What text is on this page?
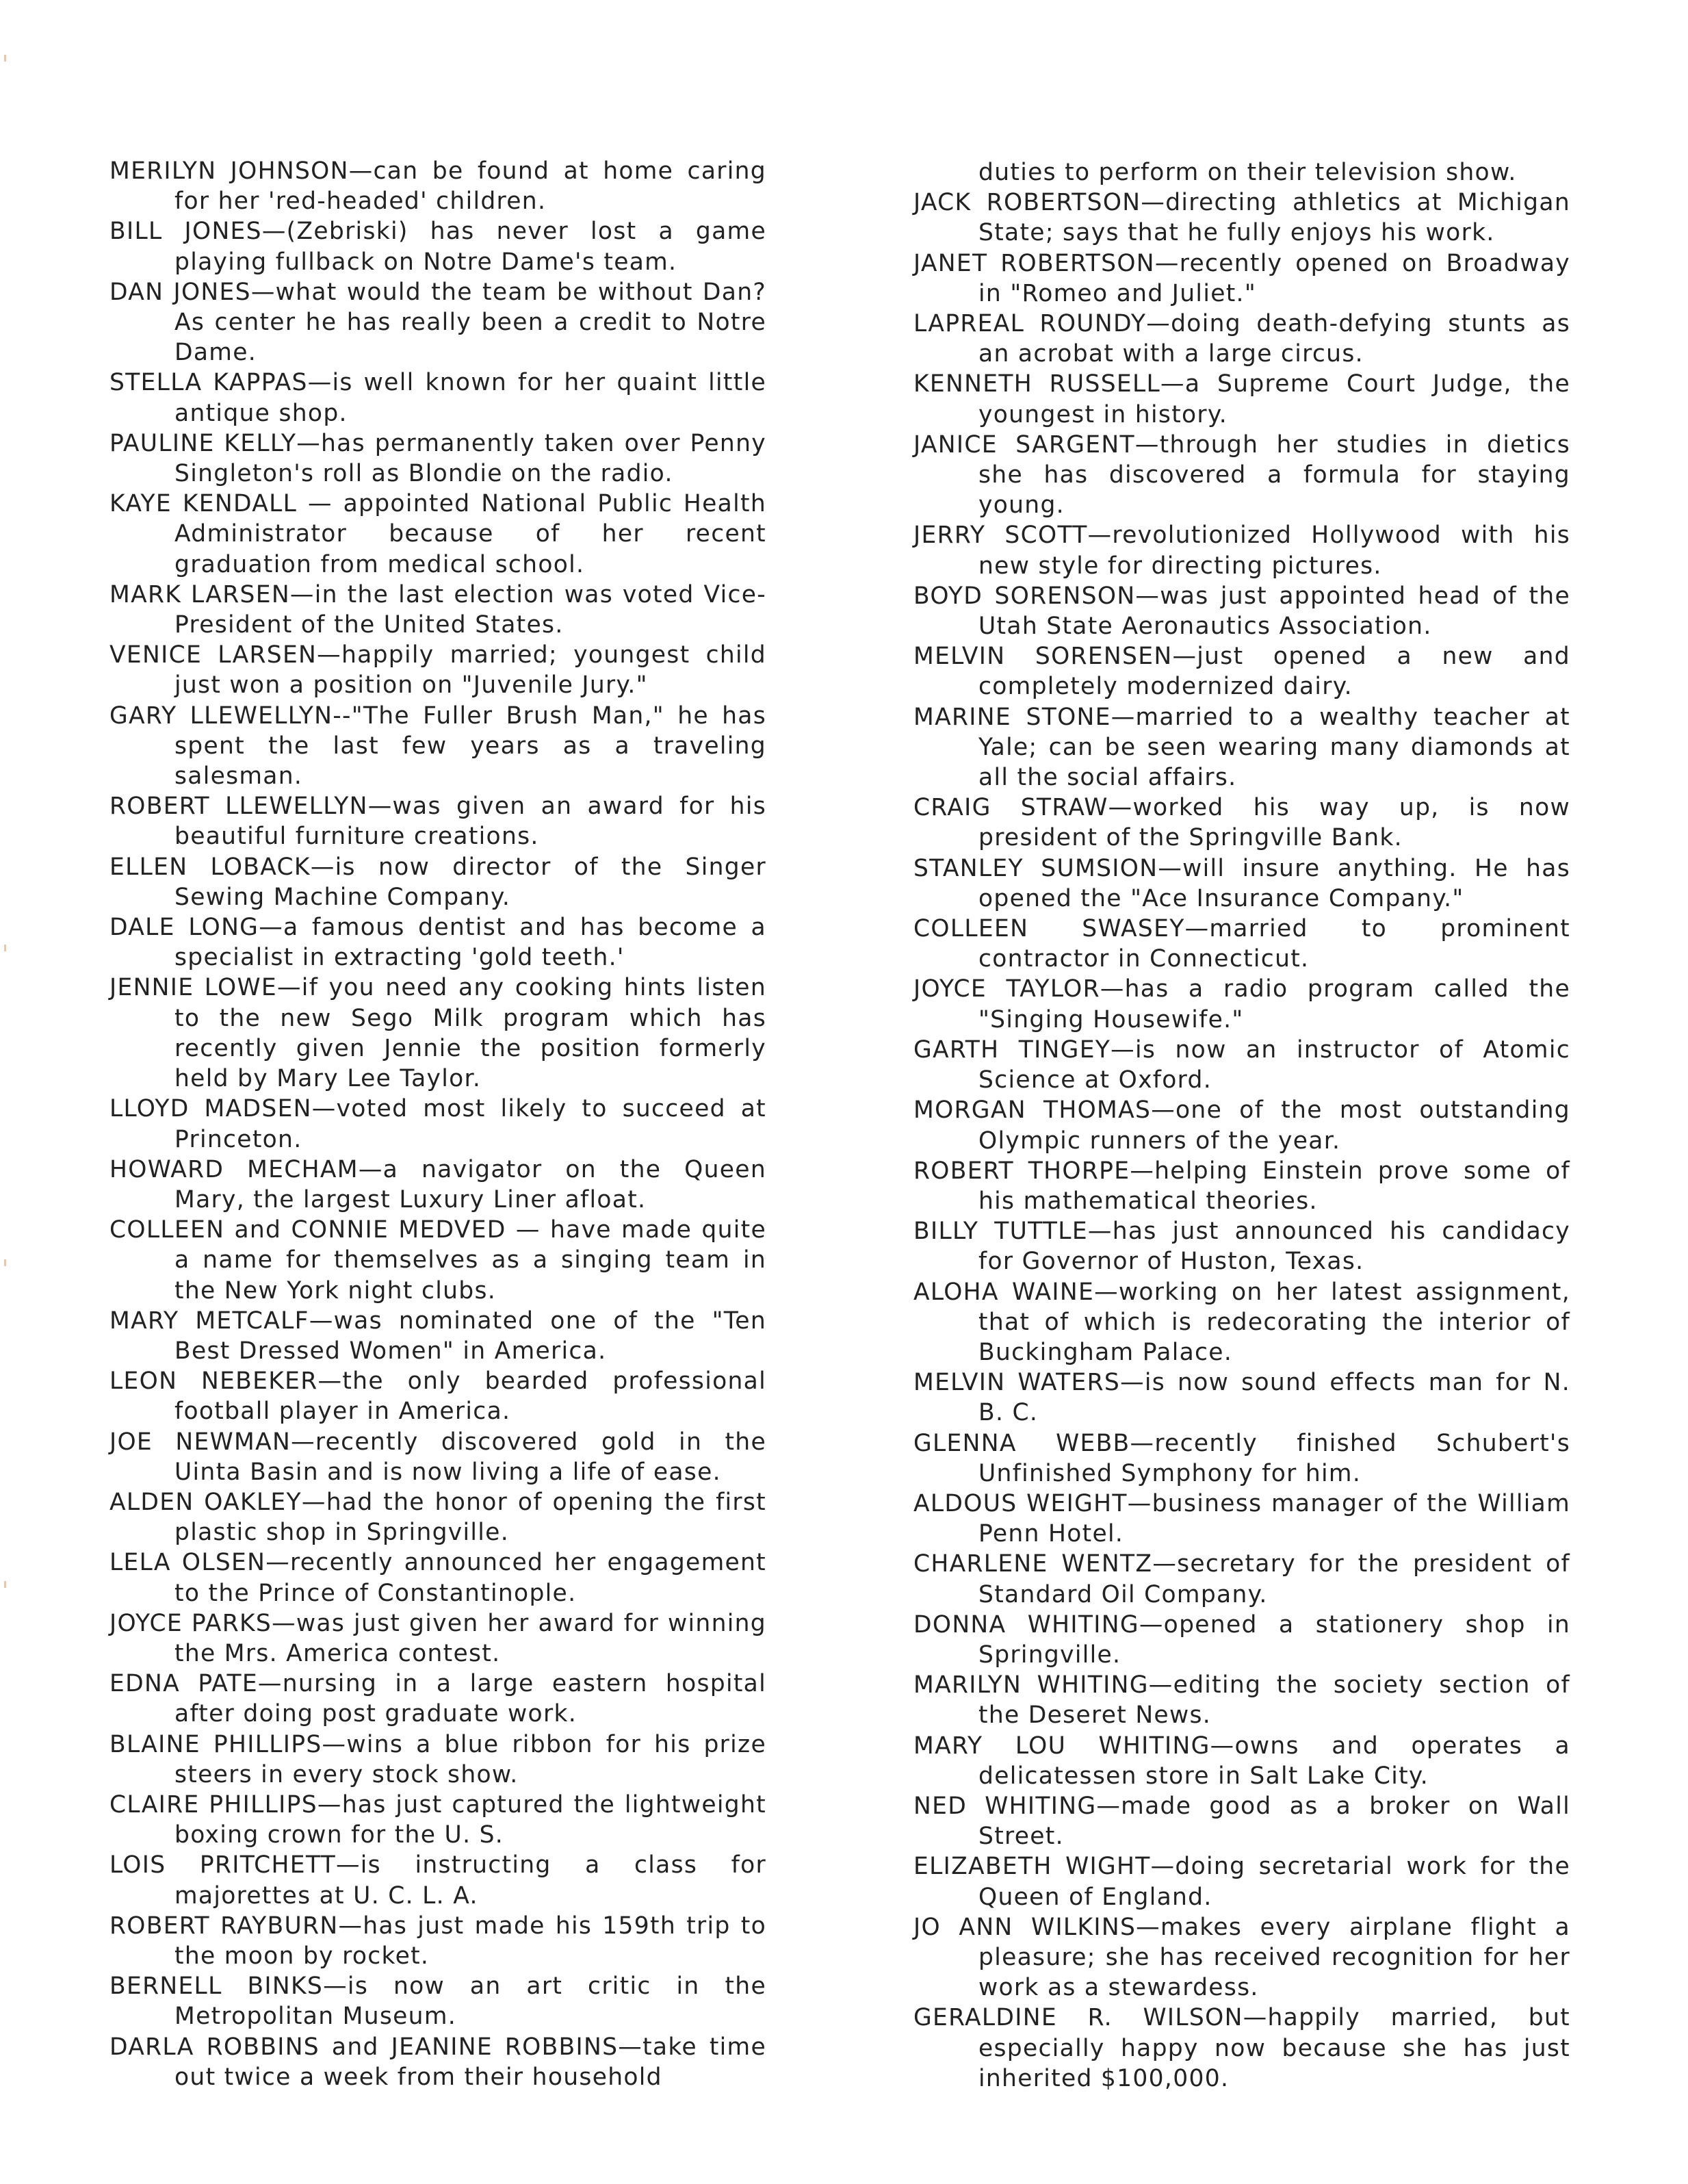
MERILYN JOHNSON—can be found at home caring for her 'red-headed' children.

BILL JONES—(Zebriski) has never lost a game playing fullback on Notre Dame's team.

DAN JONES—what would the team be without Dan? As center he has really been a credit to Notre Dame.

STELLA KAPPAS—is well known for her quaint little antique shop.

PAULINE KELLY—has permanently taken over Penny Singleton's roll as Blondie on the radio.

KAYE KENDALL — appointed National Public Health Administrator because of her recent graduation from medical school.

MARK LARSEN—in the last election was voted Vice-President of the United States.

VENICE LARSEN—happily married; youngest child just won a position on "Juvenile Jury."

GARY LLEWELLYN--"The Fuller Brush Man," he has spent the last few years as a traveling salesman.

ROBERT LLEWELLYN—was given an award for his beautiful furniture creations.

ELLEN LOBACK—is now director of the Singer Sewing Machine Company.

DALE LONG—a famous dentist and has become a specialist in extracting 'gold teeth.'

JENNIE LOWE—if you need any cooking hints listen to the new Sego Milk program which has recently given Jennie the position formerly held by Mary Lee Taylor.

LLOYD MADSEN—voted most likely to succeed at Princeton.

HOWARD MECHAM—a navigator on the Queen Mary, the largest Luxury Liner afloat.

COLLEEN and CONNIE MEDVED — have made quite a name for themselves as a singing team in the New York night clubs.

MARY METCALF—was nominated one of the "Ten Best Dressed Women" in America.

LEON NEBEKER—the only bearded professional football player in America.

JOE NEWMAN—recently discovered gold in the Uinta Basin and is now living a life of ease.

ALDEN OAKLEY—had the honor of opening the first plastic shop in Springville.

LELA OLSEN—recently announced her engagement to the Prince of Constantinople.

JOYCE PARKS—was just given her award for winning the Mrs. America contest.

EDNA PATE—nursing in a large eastern hospital after doing post graduate work.

BLAINE PHILLIPS—wins a blue ribbon for his prize steers in every stock show.

CLAIRE PHILLIPS—has just captured the lightweight boxing crown for the U. S.

LOIS PRITCHETT—is instructing a class for majorettes at U. C. L. A.

ROBERT RAYBURN—has just made his 159th trip to the moon by rocket.

BERNELL BINKS—is now an art critic in the Metropolitan Museum.

DARLA ROBBINS and JEANINE ROBBINS—take time out twice a week from their household

duties to perform on their television show.

JACK ROBERTSON—directing athletics at Michigan State; says that he fully enjoys his work.

JANET ROBERTSON—recently opened on Broadway in "Romeo and Juliet."

LAPREAL ROUNDY—doing death-defying stunts as an acrobat with a large circus.

KENNETH RUSSELL—a Supreme Court Judge, the youngest in history.

JANICE SARGENT—through her studies in dietics she has discovered a formula for staying young.

JERRY SCOTT—revolutionized Hollywood with his new style for directing pictures.

BOYD SORENSON—was just appointed head of the Utah State Aeronautics Association.

MELVIN SORENSEN—just opened a new and completely modernized dairy.

MARINE STONE—married to a wealthy teacher at Yale; can be seen wearing many diamonds at all the social affairs.

CRAIG STRAW—worked his way up, is now president of the Springville Bank.

STANLEY SUMSION—will insure anything. He has opened the "Ace Insurance Company."

COLLEEN SWASEY—married to prominent contractor in Connecticut.

JOYCE TAYLOR—has a radio program called the "Singing Housewife."

GARTH TINGEY—is now an instructor of Atomic Science at Oxford.

MORGAN THOMAS—one of the most outstanding Olympic runners of the year.

ROBERT THORPE—helping Einstein prove some of his mathematical theories.

BILLY TUTTLE—has just announced his candidacy for Governor of Huston, Texas.

ALOHA WAINE—working on her latest assignment, that of which is redecorating the interior of Buckingham Palace.

MELVIN WATERS—is now sound effects man for N. B. C.

GLENNA WEBB—recently finished Schubert's Unfinished Symphony for him.

ALDOUS WEIGHT—business manager of the William Penn Hotel.

CHARLENE WENTZ—secretary for the president of Standard Oil Company.

DONNA WHITING—opened a stationery shop in Springville.

MARILYN WHITING—editing the society section of the Deseret News.

MARY LOU WHITING—owns and operates a delicatessen store in Salt Lake City.

NED WHITING—made good as a broker on Wall Street.

ELIZABETH WIGHT—doing secretarial work for the Queen of England.

JO ANN WILKINS—makes every airplane flight a pleasure; she has received recognition for her work as a stewardess.

GERALDINE R. WILSON—happily married, but especially happy now because she has just inherited $100,000.
